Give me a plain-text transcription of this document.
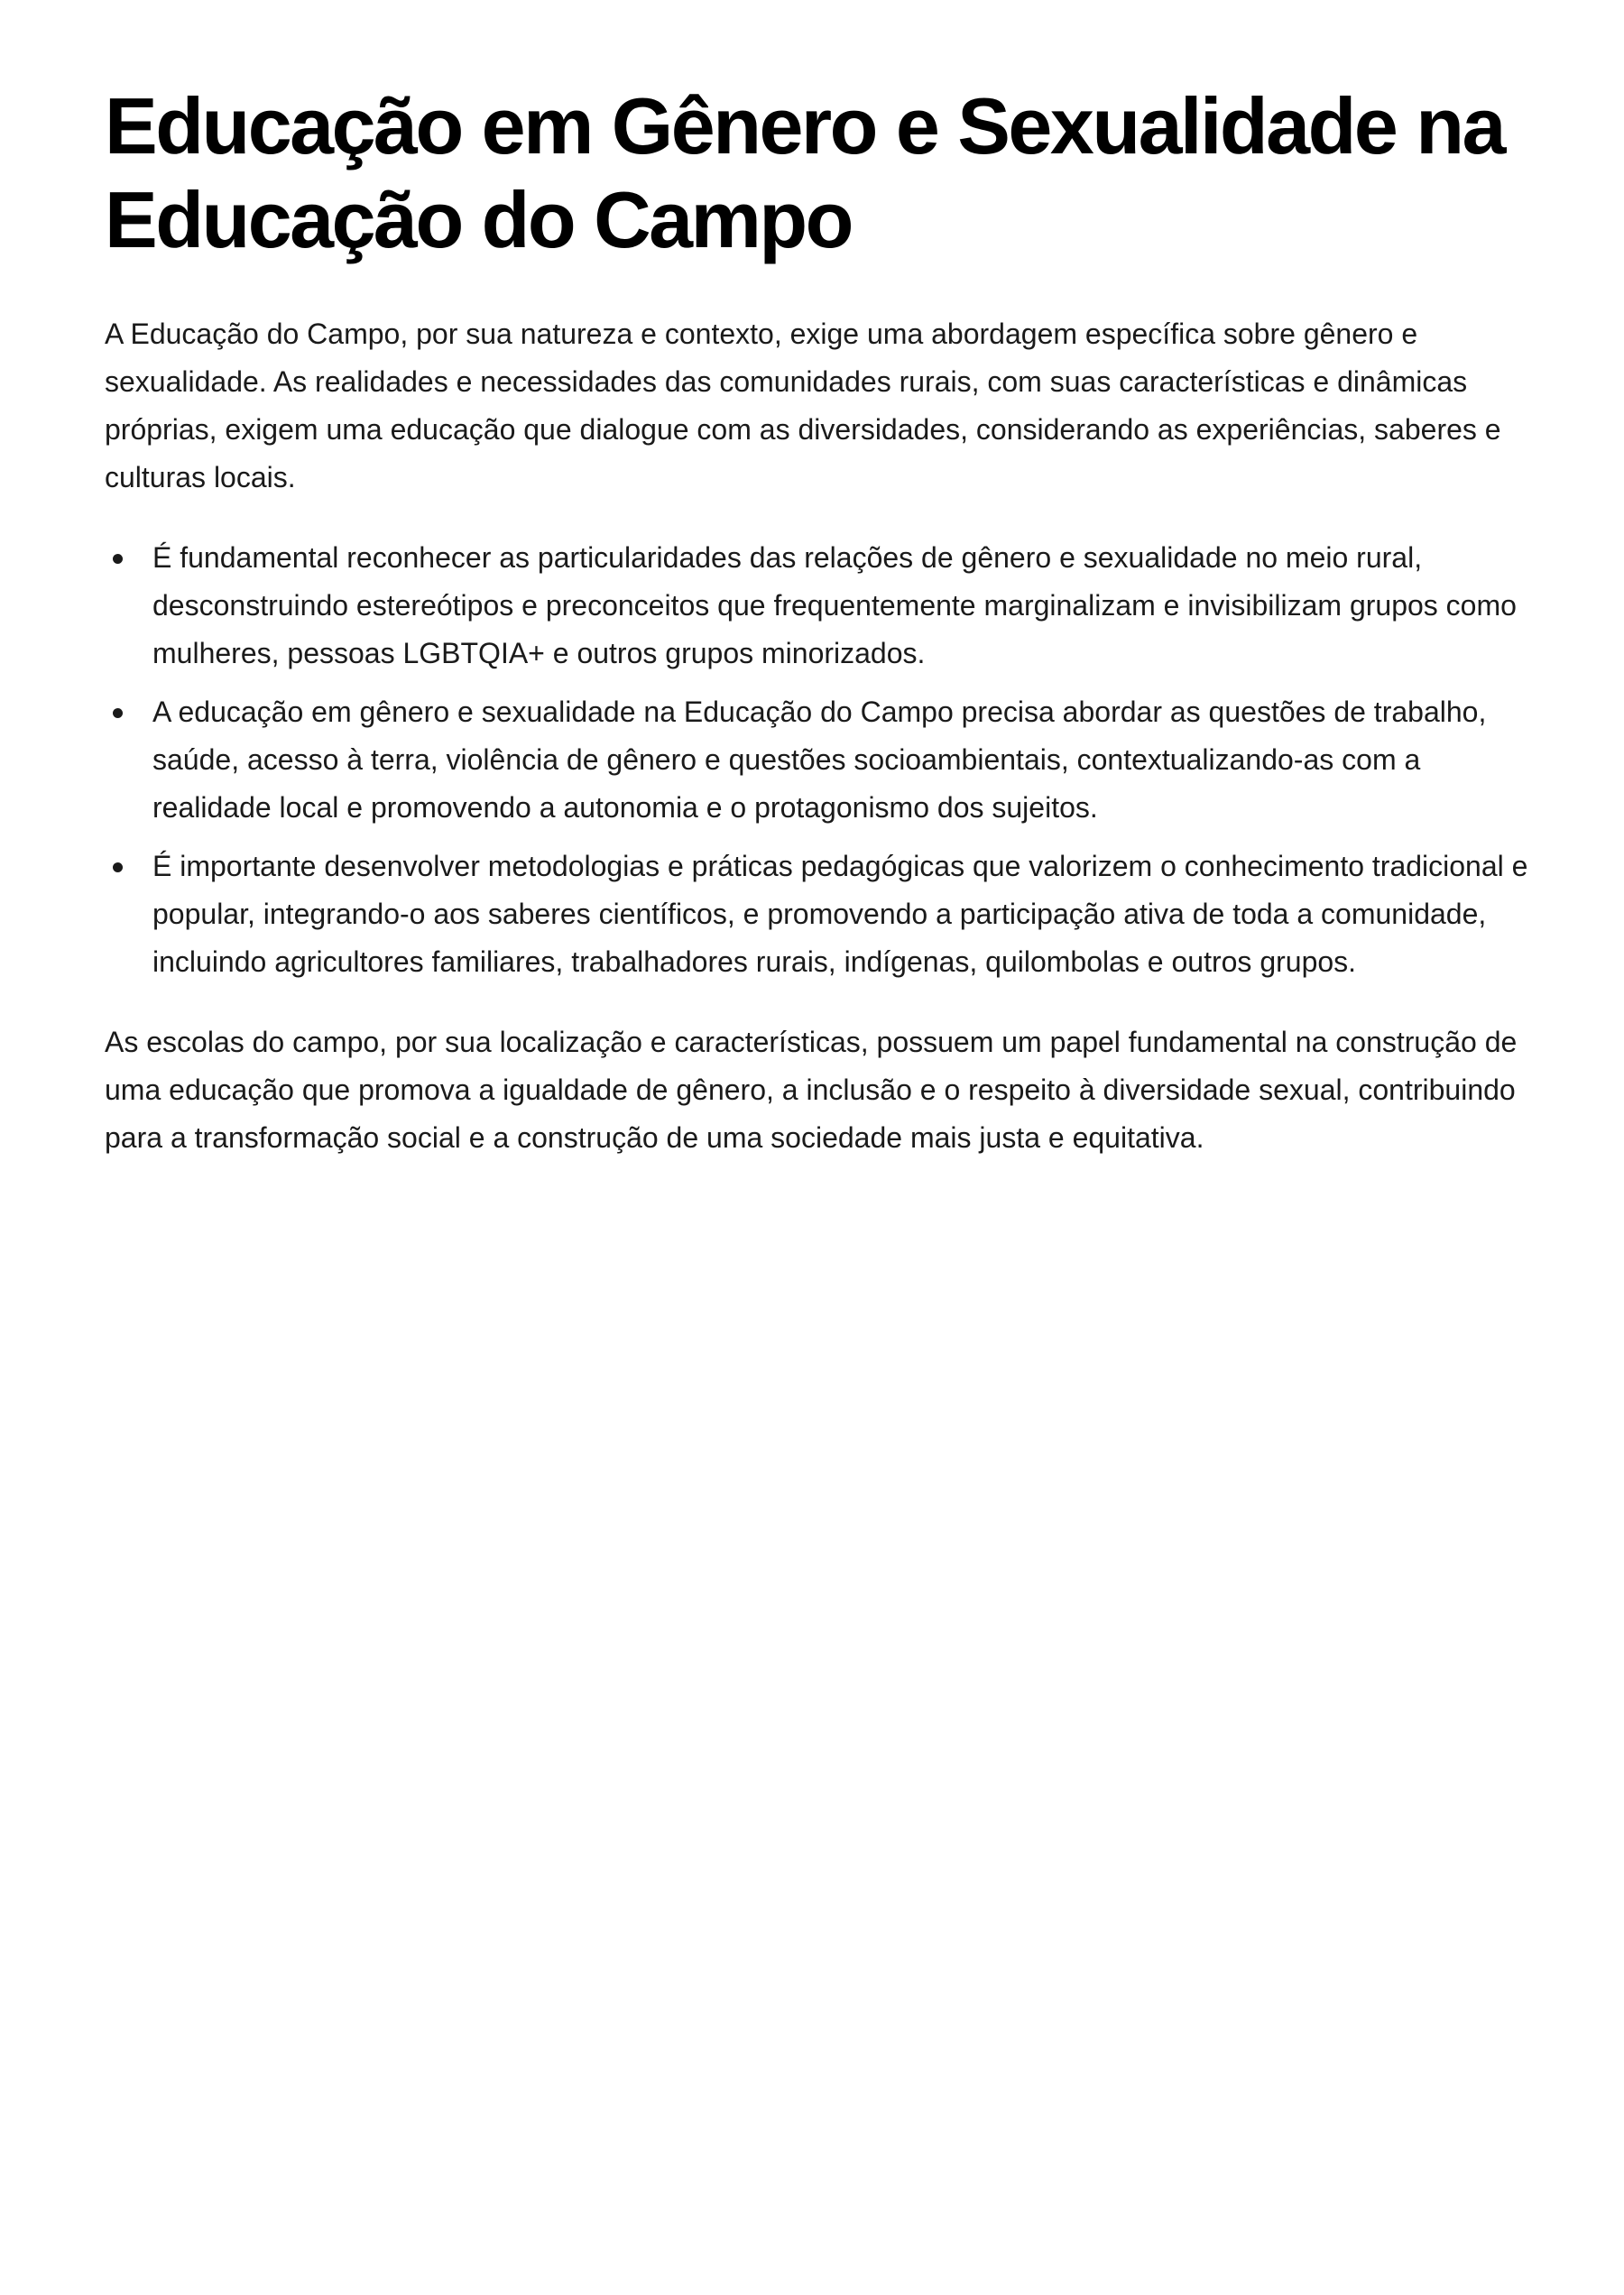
Educação em Gênero e Sexualidade na Educação do Campo

A Educação do Campo, por sua natureza e contexto, exige uma abordagem específica sobre gênero e sexualidade. As realidades e necessidades das comunidades rurais, com suas características e dinâmicas próprias, exigem uma educação que dialogue com as diversidades, considerando as experiências, saberes e culturas locais.

É fundamental reconhecer as particularidades das relações de gênero e sexualidade no meio rural, desconstruindo estereótipos e preconceitos que frequentemente marginalizam e invisibilizam grupos como mulheres, pessoas LGBTQIA+ e outros grupos minorizados.
A educação em gênero e sexualidade na Educação do Campo precisa abordar as questões de trabalho, saúde, acesso à terra, violência de gênero e questões socioambientais, contextualizando-as com a realidade local e promovendo a autonomia e o protagonismo dos sujeitos.
É importante desenvolver metodologias e práticas pedagógicas que valorizem o conhecimento tradicional e popular, integrando-o aos saberes científicos, e promovendo a participação ativa de toda a comunidade, incluindo agricultores familiares, trabalhadores rurais, indígenas, quilombolas e outros grupos.

As escolas do campo, por sua localização e características, possuem um papel fundamental na construção de uma educação que promova a igualdade de gênero, a inclusão e o respeito à diversidade sexual, contribuindo para a transformação social e a construção de uma sociedade mais justa e equitativa.
